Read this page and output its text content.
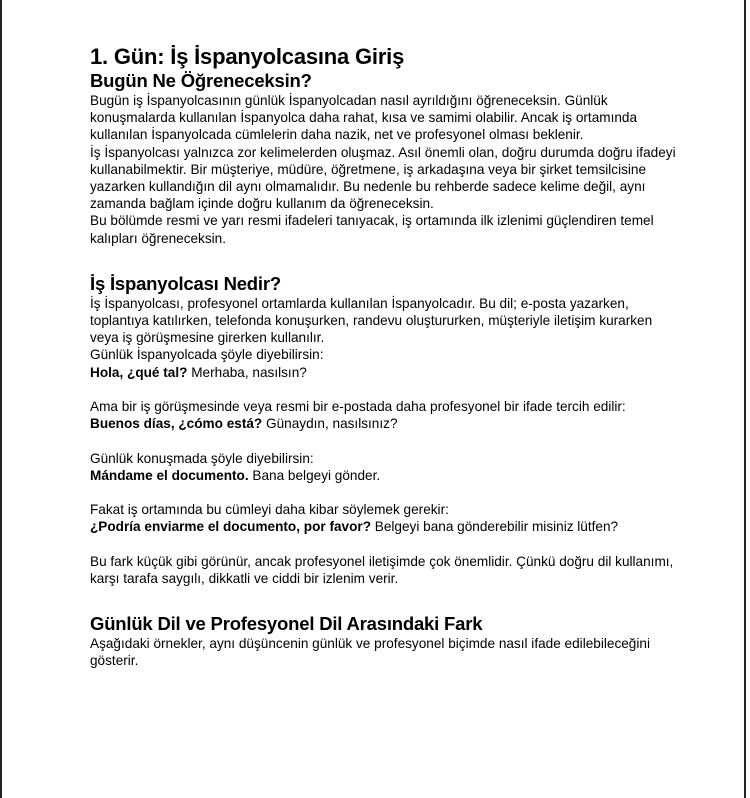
1. Gün: İş İspanyolcasına Giriş
Bugün Ne Öğreneceksin?

Bugün iş İspanyolcasının günlük İspanyolcadan nasıl ayrıldığını öğreneceksin. Günlük konuşmalarda kullanılan İspanyolca daha rahat, kısa ve samimi olabilir. Ancak iş ortamında kullanılan İspanyolcada cümlelerin daha nazik, net ve profesyonel olması beklenir.

İş İspanyolcası yalnızca zor kelimelerden oluşmaz. Asıl önemli olan, doğru durumda doğru ifadeyi kullanabilmektir. Bir müşteriye, müdüre, öğretmene, iş arkadaşına veya bir şirket temsilcisine yazarken kullandığın dil aynı olmamalıdır. Bu nedenle bu rehberde sadece kelime değil, aynı zamanda bağlam içinde doğru kullanım da öğreneceksin.

Bu bölümde resmi ve yarı resmi ifadeleri tanıyacak, iş ortamında ilk izlenimi güçlendiren temel kalıpları öğreneceksin.

İş İspanyolcası Nedir?

İş İspanyolcası, profesyonel ortamlarda kullanılan İspanyolcadır. Bu dil; e-posta yazarken, toplantıya katılırken, telefonda konuşurken, randevu oluştururken, müşteriyle iletişim kurarken veya iş görüşmesine girerken kullanılır.

Günlük İspanyolcada şöyle diyebilirsin:

Hola, ¿qué tal? Merhaba, nasılsın?

Ama bir iş görüşmesinde veya resmi bir e-postada daha profesyonel bir ifade tercih edilir:

Buenos días, ¿cómo está? Günaydın, nasılsınız?

Günlük konuşmada şöyle diyebilirsin:

Mándame el documento. Bana belgeyi gönder.

Fakat iş ortamında bu cümleyi daha kibar söylemek gerekir:

¿Podría enviarme el documento, por favor? Belgeyi bana gönderebilir misiniz lütfen?

Bu fark küçük gibi görünür, ancak profesyonel iletişimde çok önemlidir. Çünkü doğru dil kullanımı, karşı tarafa saygılı, dikkatli ve ciddi bir izlenim verir.

Günlük Dil ve Profesyonel Dil Arasındaki Fark

Aşağıdaki örnekler, aynı düşüncenin günlük ve profesyonel biçimde nasıl ifade edilebileceğini gösterir.
